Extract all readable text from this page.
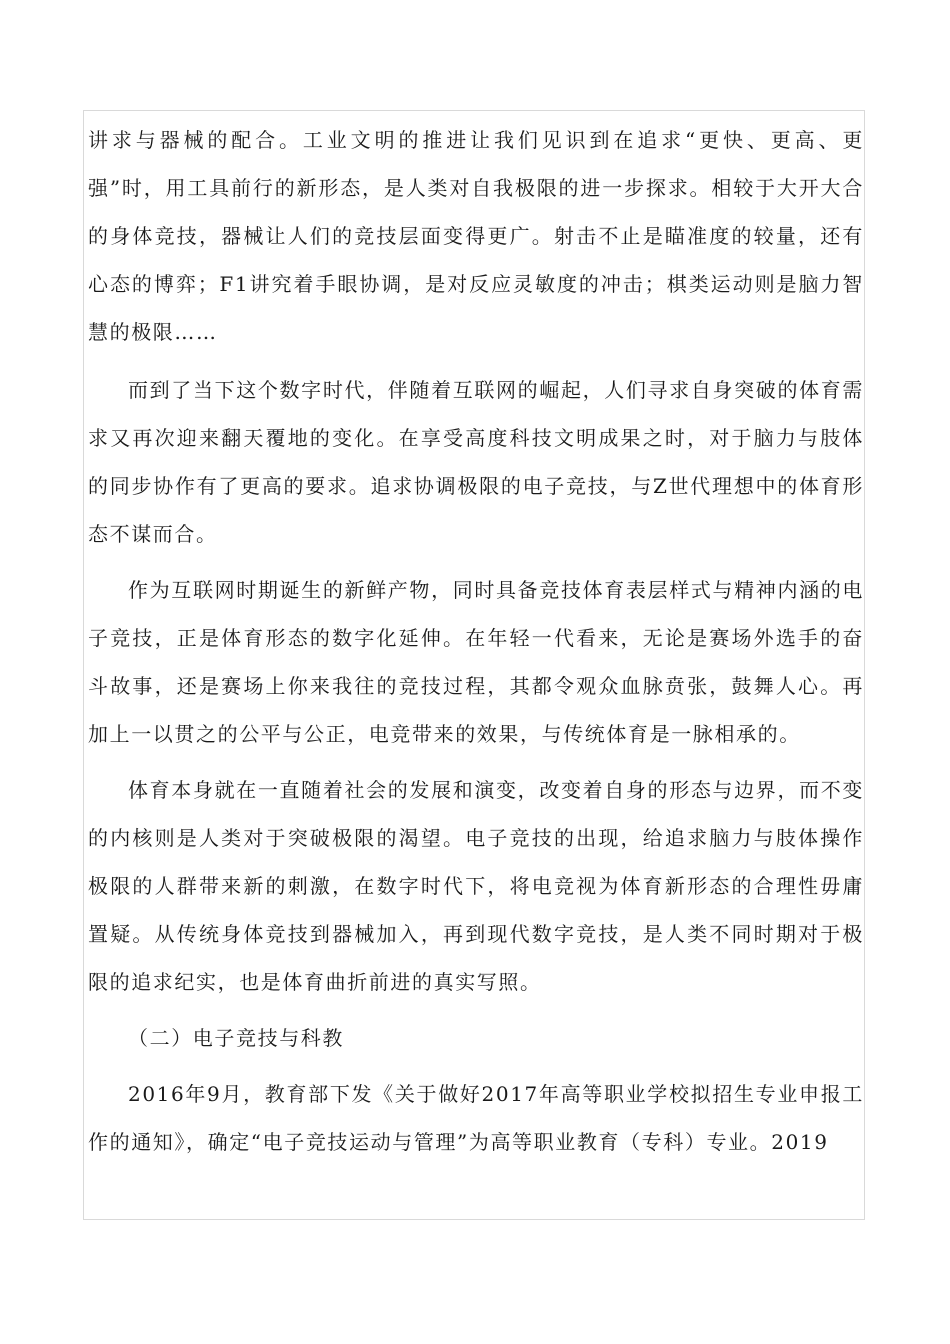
讲求与器械的配合。工业文明的推进让我们见识到在追求“更快、更高、更强”时，用工具前行的新形态，是人类对自我极限的进一步探求。相较于大开大合的身体竞技，器械让人们的竞技层面变得更广。射击不止是瞄准度的较量，还有心态的博弈；F1讲究着手眼协调，是对反应灵敏度的冲击；棋类运动则是脑力智慧的极限……

而到了当下这个数字时代，伴随着互联网的崛起，人们寻求自身突破的体育需求又再次迎来翻天覆地的变化。在享受高度科技文明成果之时，对于脑力与肢体的同步协作有了更高的要求。追求协调极限的电子竞技，与Z世代理想中的体育形态不谋而合。

作为互联网时期诞生的新鲜产物，同时具备竞技体育表层样式与精神内涵的电子竞技，正是体育形态的数字化延伸。在年轻一代看来，无论是赛场外选手的奋斗故事，还是赛场上你来我往的竞技过程，其都令观众血脉贲张，鼓舞人心。再加上一以贯之的公平与公正，电竞带来的效果，与传统体育是一脉相承的。

体育本身就在一直随着社会的发展和演变，改变着自身的形态与边界，而不变的内核则是人类对于突破极限的渴望。电子竞技的出现，给追求脑力与肢体操作极限的人群带来新的刺激，在数字时代下，将电竞视为体育新形态的合理性毋庸置疑。从传统身体竞技到器械加入，再到现代数字竞技，是人类不同时期对于极限的追求纪实，也是体育曲折前进的真实写照。

（二）电子竞技与科教

2016年9月，教育部下发《关于做好2017年高等职业学校拟招生专业申报工作的通知》，确定“电子竞技运动与管理”为高等职业教育（专科）专业。2019
